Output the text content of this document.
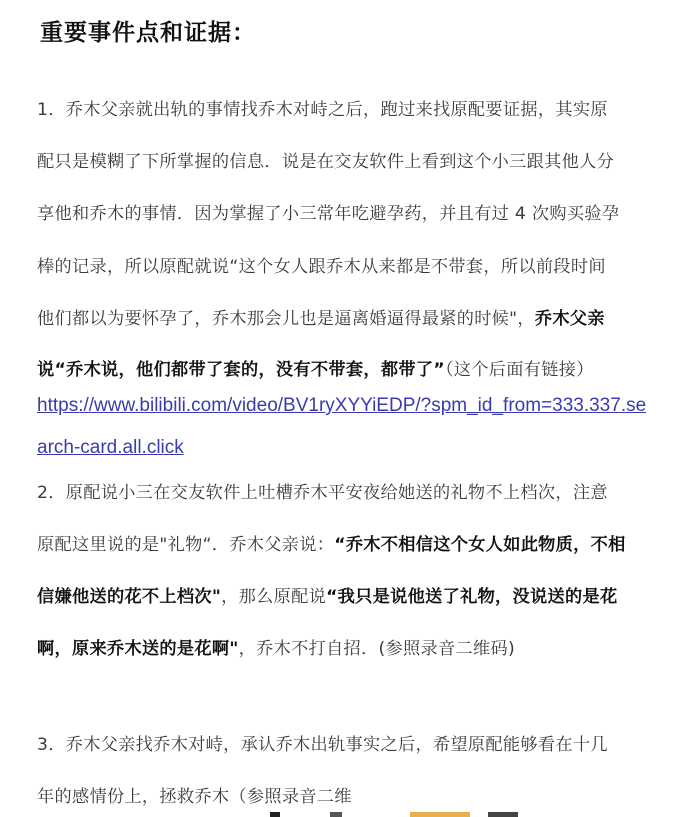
重要事件点和证据：
1．乔木父亲就出轨的事情找乔木对峙之后，跑过来找原配要证据，其实原
配只是模糊了下所掌握的信息．说是在交友软件上看到这个小三跟其他人分
享他和乔木的事情．因为掌握了小三常年吃避孕药，并且有过 4 次购买验孕
棒的记录，所以原配就说“这个女人跟乔木从来都是不带套，所以前段时间
他们都以为要怀孕了，乔木那会儿也是逼离婚逼得最紧的时候"，乔木父亲
说“乔木说，他们都带了套的，没有不带套，都带了”（这个后面有链接）
https://www.bilibili.com/video/BV1ryXYYiEDP/?spm_id_from=333.337.se
arch-card.all.click
2．原配说小三在交友软件上吐槽乔木平安夜给她送的礼物不上档次，注意
原配这里说的是"礼物“．乔木父亲说：“乔木不相信这个女人如此物质，不相
信嫌他送的花不上档次"，那么原配说“我只是说他送了礼物，没说送的是花
啊，原来乔木送的是花啊"，乔木不打自招．(参照录音二维码)
3．乔木父亲找乔木对峙，承认乔木出轨事实之后，希望原配能够看在十几
年的感情份上，拯救乔木（参照录音二维
